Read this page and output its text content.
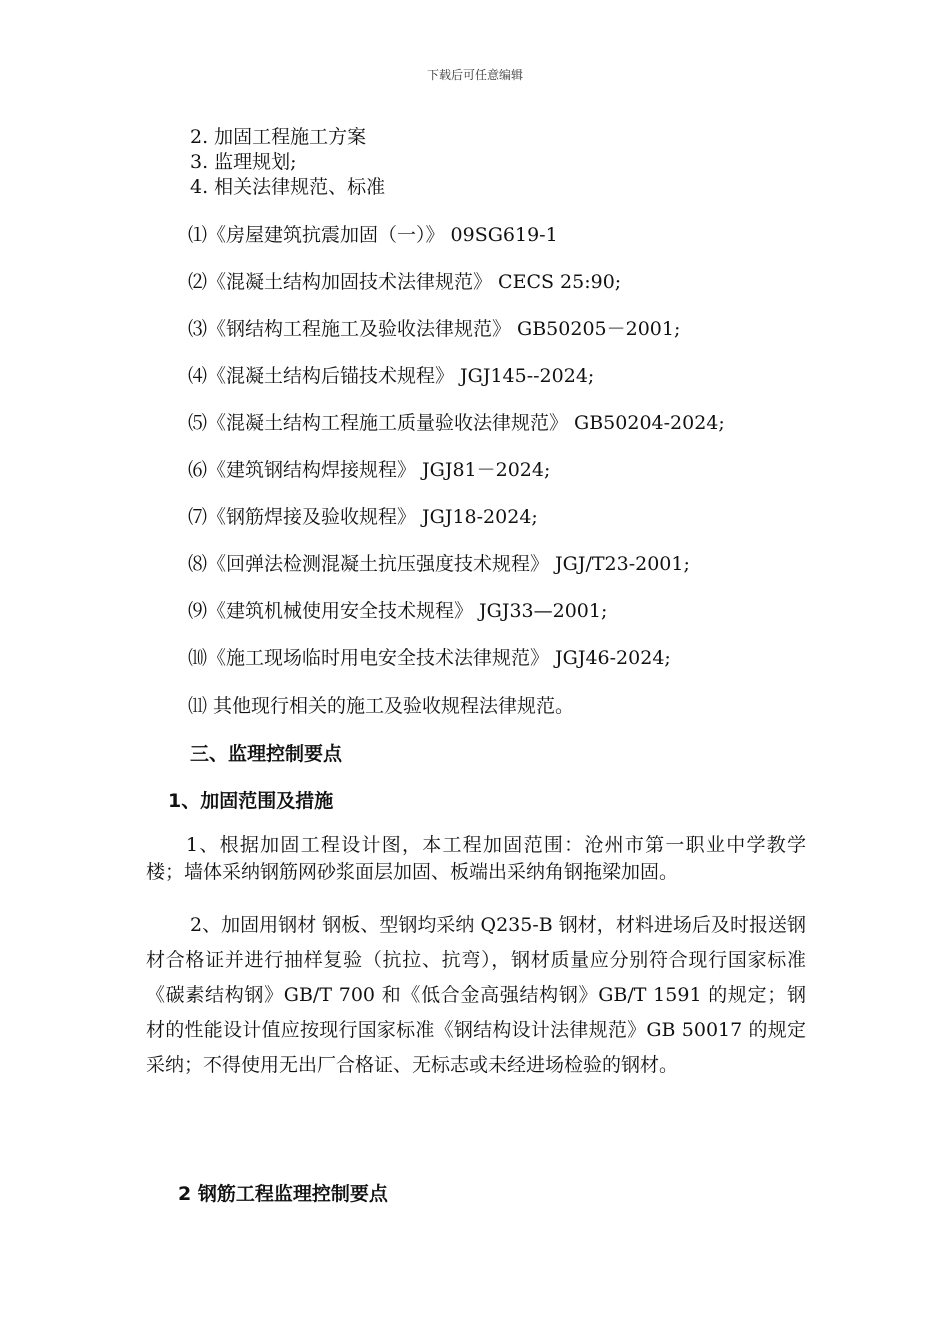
下载后可任意编辑
2. 加固工程施工方案
3. 监理规划;
4. 相关法律规范、标准
⑴《房屋建筑抗震加固（一）》 09SG619-1
⑵《混凝土结构加固技术法律规范》 CECS 25:90;
⑶《钢结构工程施工及验收法律规范》 GB50205－2001;
⑷《混凝土结构后锚技术规程》 JGJ145--2024;
⑸《混凝土结构工程施工质量验收法律规范》 GB50204-2024;
⑹《建筑钢结构焊接规程》 JGJ81－2024;
⑺《钢筋焊接及验收规程》 JGJ18-2024;
⑻《回弹法检测混凝土抗压强度技术规程》 JGJ/T23-2001;
⑼《建筑机械使用安全技术规程》 JGJ33—2001;
⑽《施工现场临时用电安全技术法律规范》 JGJ46-2024;
⑾ 其他现行相关的施工及验收规程法律规范。
三、监理控制要点
1、加固范围及措施
1、根据加固工程设计图，本工程加固范围：沧州市第一职业中学教学楼；墙体采纳钢筋网砂浆面层加固、板端出采纳角钢拖梁加固。
2、加固用钢材 钢板、型钢均采纳 Q235-B 钢材，材料进场后及时报送钢材合格证并进行抽样复验（抗拉、抗弯），钢材质量应分别符合现行国家标准《碳素结构钢》GB/T 700 和《低合金高强结构钢》GB/T 1591 的规定；钢材的性能设计值应按现行国家标准《钢结构设计法律规范》GB 50017 的规定采纳；不得使用无出厂合格证、无标志或未经进场检验的钢材。
2 钢筋工程监理控制要点
